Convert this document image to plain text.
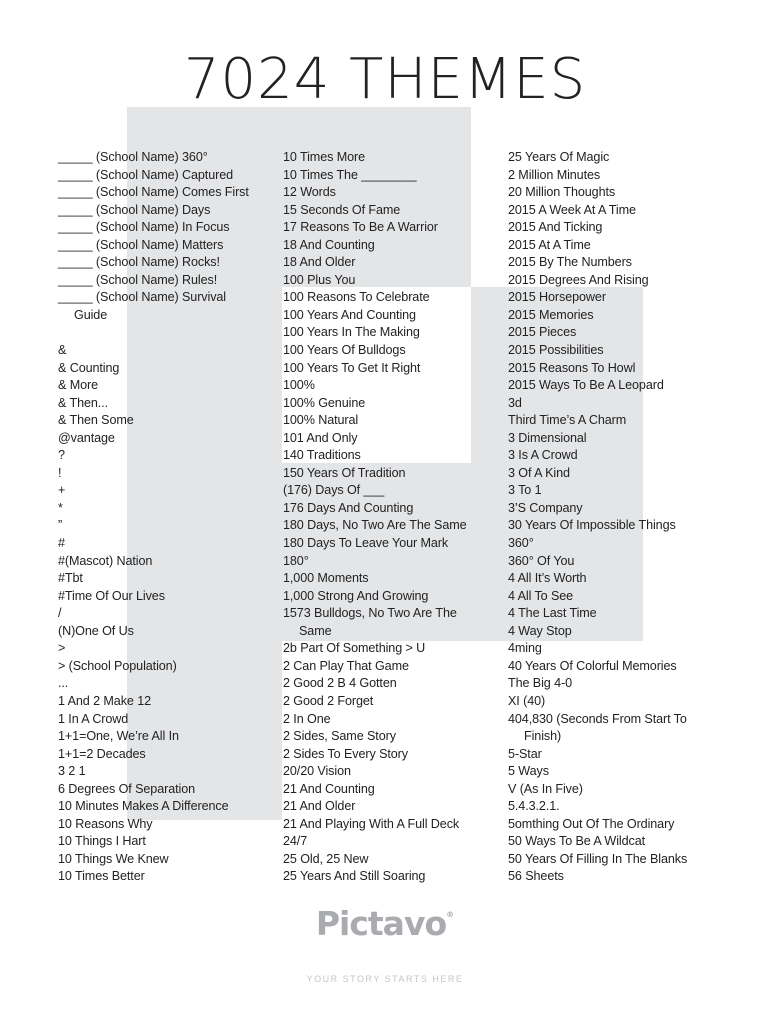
7024 THEMES
_____ (School Name) 360°
_____ (School Name) Captured
_____ (School Name) Comes First
_____ (School Name) Days
_____ (School Name) In Focus
_____ (School Name) Matters
_____ (School Name) Rocks!
_____ (School Name) Rules!
_____ (School Name) Survival
Guide
&
& Counting
& More
& Then...
& Then Some
@vantage
?
!
+
*
”
#
#(Mascot) Nation
#Tbt
#Time Of Our Lives
/
(N)One Of Us
>
> (School Population)
...
1 And 2 Make 12
1 In A Crowd
1+1=One, We’re All In
1+1=2 Decades
3 2 1
6 Degrees Of Separation
10 Minutes Makes A Difference
10 Reasons Why
10 Things I Hart
10 Things We Knew
10 Times Better
10 Times More
10 Times The ________
12 Words
15 Seconds Of Fame
17 Reasons To Be A Warrior
18 And Counting
18 And Older
100 Plus You
100 Reasons To Celebrate
100 Years And Counting
100 Years In The Making
100 Years Of Bulldogs
100 Years To Get It Right
100%
100% Genuine
100% Natural
101 And Only
140 Traditions
150 Years Of Tradition
(176) Days Of ___
176 Days And Counting
180 Days, No Two Are The Same
180 Days To Leave Your Mark
180°
1,000 Moments
1,000 Strong And Growing
1573 Bulldogs, No Two Are The
Same
2b Part Of Something > U
2 Can Play That Game
2 Good 2 B 4 Gotten
2 Good 2 Forget
2 In One
2 Sides, Same Story
2 Sides To Every Story
20/20 Vision
21 And Counting
21 And Older
21 And Playing With A Full Deck
24/7
25 Old, 25 New
25 Years And Still Soaring
25 Years Of Magic
2 Million Minutes
20 Million Thoughts
2015 A Week At A Time
2015 And Ticking
2015 At A Time
2015 By The Numbers
2015 Degrees And Rising
2015 Horsepower
2015 Memories
2015 Pieces
2015 Possibilities
2015 Reasons To Howl
2015 Ways To Be A Leopard
3d
Third Time’s A Charm
3 Dimensional
3 Is A Crowd
3 Of A Kind
3 To 1
3’S Company
30 Years Of Impossible Things
360°
360° Of You
4 All It’s Worth
4 All To See
4 The Last Time
4 Way Stop
4ming
40 Years Of Colorful Memories
The Big 4-0
XI (40)
404,830 (Seconds From Start To
Finish)
5-Star
5 Ways
V (As In Five)
5.4.3.2.1.
5omthing Out Of The Ordinary
50 Ways To Be A Wildcat
50 Years Of Filling In The Blanks
56 Sheets
Pictavo®
YOUR STORY STARTS HERE
